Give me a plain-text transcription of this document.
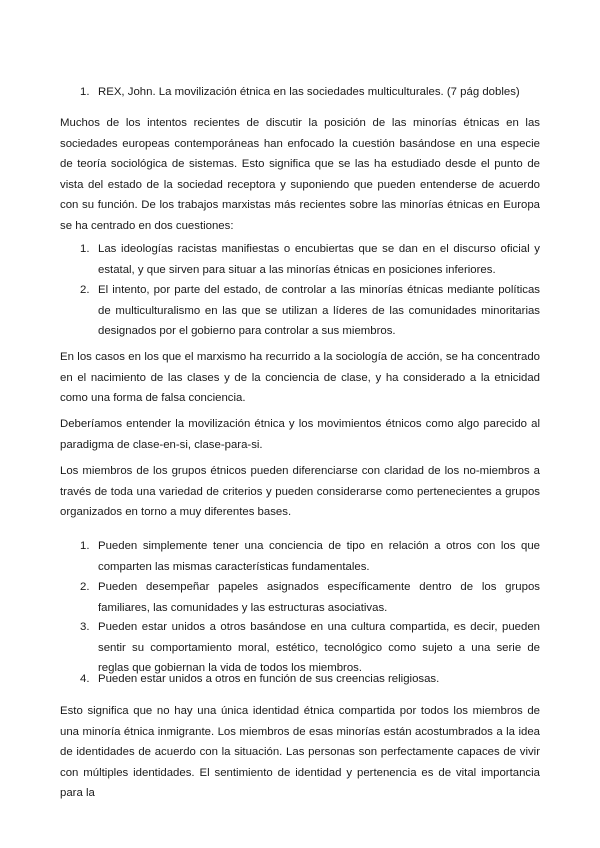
1. REX, John. La movilización étnica en las sociedades multiculturales. (7 pág dobles)

Muchos de los intentos recientes de discutir la posición de las minorías étnicas en las sociedades europeas contemporáneas han enfocado la cuestión basándose en una especie de teoría sociológica de sistemas. Esto significa que se las ha estudiado desde el punto de vista del estado de la sociedad receptora y suponiendo que pueden entenderse de acuerdo con su función. De los trabajos marxistas más recientes sobre las minorías étnicas en Europa se ha centrado en dos cuestiones:

1. Las ideologías racistas manifiestas o encubiertas que se dan en el discurso oficial y estatal, y que sirven para situar a las minorías étnicas en posiciones inferiores.
2. El intento, por parte del estado, de controlar a las minorías étnicas mediante políticas de multiculturalismo en las que se utilizan a líderes de las comunidades minoritarias designados por el gobierno para controlar a sus miembros.

En los casos en los que el marxismo ha recurrido a la sociología de acción, se ha concentrado en el nacimiento de las clases y de la conciencia de clase, y ha considerado a la etnicidad como una forma de falsa conciencia.

Deberíamos entender la movilización étnica y los movimientos étnicos como algo parecido al paradigma de clase-en-si, clase-para-si.

Los miembros de los grupos étnicos pueden diferenciarse con claridad de los no-miembros a través de toda una variedad de criterios y pueden considerarse como pertenecientes a grupos organizados en torno a muy diferentes bases.

1. Pueden simplemente tener una conciencia de tipo en relación a otros con los que comparten las mismas características fundamentales.
2. Pueden desempeñar papeles asignados específicamente dentro de los grupos familiares, las comunidades y las estructuras asociativas.
3. Pueden estar unidos a otros basándose en una cultura compartida, es decir, pueden sentir su comportamiento moral, estético, tecnológico como sujeto a una serie de reglas que gobiernan la vida de todos los miembros.
4. Pueden estar unidos a otros en función de sus creencias religiosas.

Esto significa que no hay una única identidad étnica compartida por todos los miembros de una minoría étnica inmigrante. Los miembros de esas minorías están acostumbrados a la idea de identidades de acuerdo con la situación. Las personas son perfectamente capaces de vivir con múltiples identidades. El sentimiento de identidad y pertenencia es de vital importancia para la
